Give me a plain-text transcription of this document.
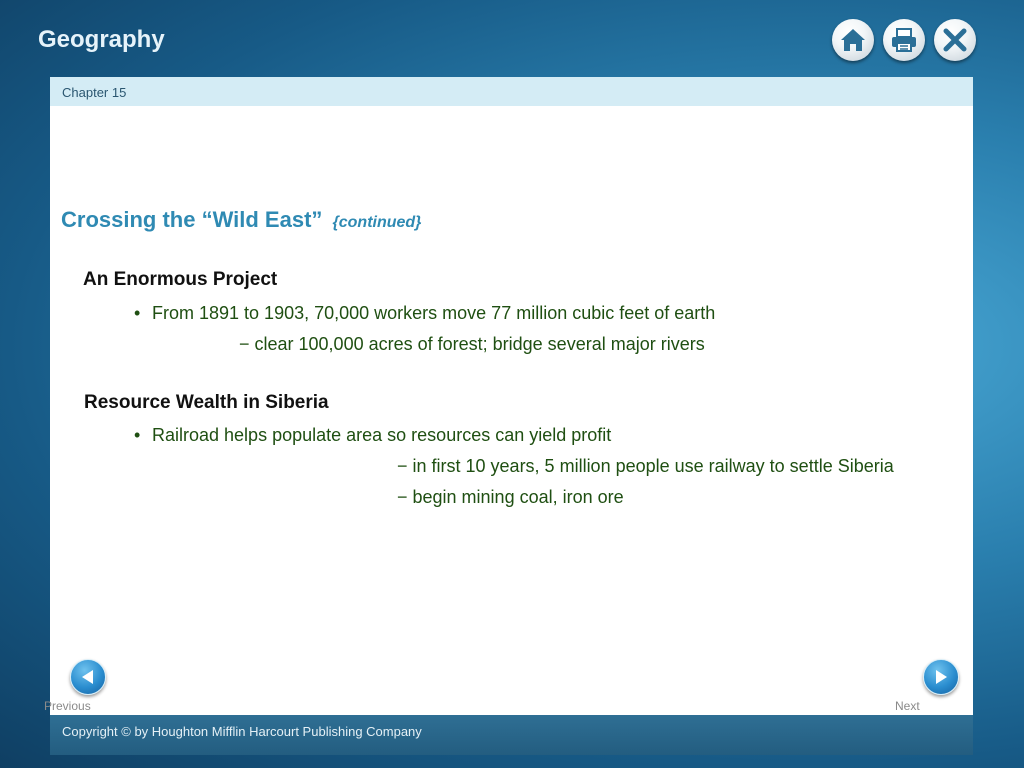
Geography
Chapter 15
Crossing the “Wild East” {continued}
An Enormous Project
• From 1891 to 1903, 70,000 workers move 77 million cubic feet of earth
− clear 100,000 acres of forest; bridge several major rivers
Resource Wealth in Siberia
• Railroad helps populate area so resources can yield profit
− in first 10 years, 5 million people use railway to settle Siberia
− begin mining coal, iron ore
Previous	Next
Copyright © by Houghton Mifflin Harcourt Publishing Company
